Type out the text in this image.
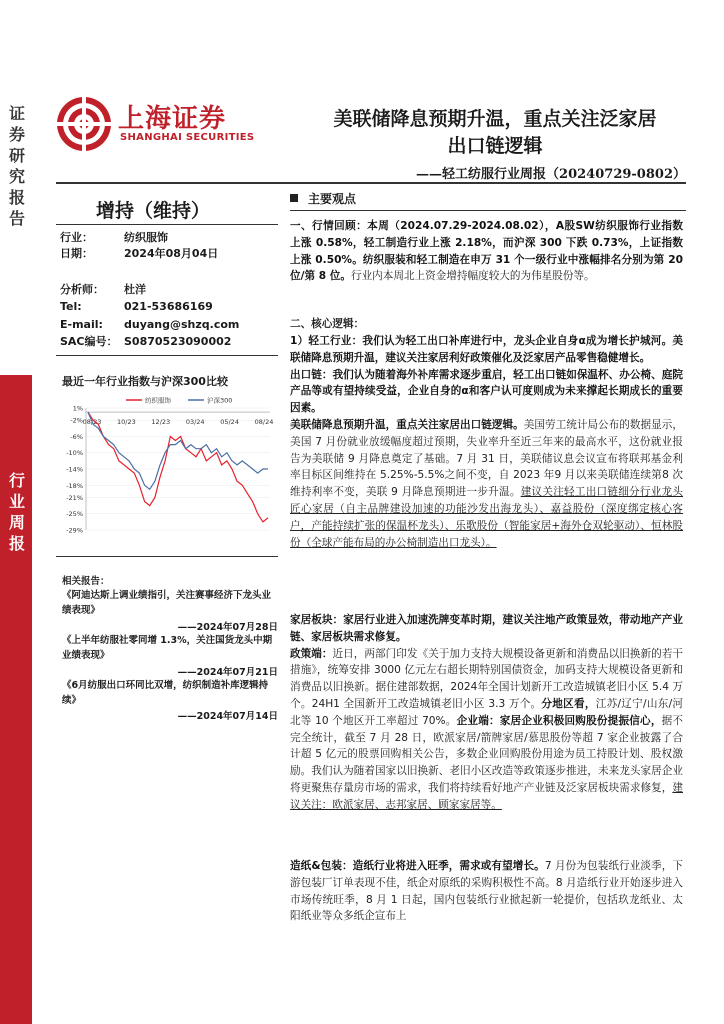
证券研究报告
行业周报
上海证券
SHANGHAI SECURITIES
美联储降息预期升温，重点关注泛家居
出口链逻辑
——轻工纺服行业周报（20240729-0802）
增持（维持）
行业：	纺织服饰
日期：	2024年08月04日
分析师： 杜洋
Tel:	021-53686169
E-mail: duyang@shzq.com
SAC编号： S0870523090002
最近一年行业指数与沪深300比较
1%
-2%
-6%
-10%
-14%
-18%
-21%
-25%
-29%
08/23 10/23 12/23 03/24 05/24 08/24
纺织服饰	沪深300
相关报告：
《阿迪达斯上调业绩指引，关注赛事经济下龙头业绩表现》
——2024年07月28日
《上半年纺服社零同增 1.3%，关注国货龙头中期业绩表现》
——2024年07月21日
《6月纺服出口环同比双增，纺织制造补库逻辑持续》
——2024年07月14日
主要观点
一、行情回顾：本周（2024.07.29-2024.08.02），A股SW纺织服饰行业指数上涨 0.58%，轻工制造行业上涨 2.18%，而沪深 300 下跌 0.73%，上证指数上涨 0.50%。纺织服装和轻工制造在申万 31 个一级行业中涨幅排名分别为第 20 位/第 8 位。行业内本周北上资金增持幅度较大的为伟星股份等。
二、核心逻辑：
1）轻工行业：我们认为轻工出口补库进行中，龙头企业自身α成为增长护城河。美联储降息预期升温，建议关注家居利好政策催化及泛家居产品零售稳健增长。
出口链：我们认为随着海外补库需求逐步重启，轻工出口链如保温杯、办公椅、庭院产品等或有望持续受益，企业自身的α和客户认可度则成为未来撑起长期成长的重要因素。
美联储降息预期升温，重点关注家居出口链逻辑。美国劳工统计局公布的数据显示，美国 7 月份就业放缓幅度超过预期，失业率升至近三年来的最高水平，这份就业报告为美联储 9 月降息奠定了基础。7 月 31 日，美联储议息会议宣布将联邦基金利率目标区间维持在 5.25%-5.5%之间不变，自 2023 年9 月以来美联储连续第8 次维持利率不变，美联 9 月降息预期进一步升温。建议关注轻工出口链细分行业龙头匠心家居（自主品牌建设加速的功能沙发出海龙头）、嘉益股份（深度绑定核心客户，产能持续扩张的保温杯龙头）、乐歌股份（智能家居+海外仓双轮驱动）、恒林股份（全球产能布局的办公椅制造出口龙头）。
家居板块：家居行业进入加速洗牌变革时期，建议关注地产政策显效，带动地产产业链、家居板块需求修复。
政策端：近日，两部门印发《关于加力支持大规模设备更新和消费品以旧换新的若干措施》，统筹安排 3000 亿元左右超长期特别国债资金，加码支持大规模设备更新和消费品以旧换新。据住建部数据，2024年全国计划新开工改造城镇老旧小区 5.4 万个。24H1 全国新开工改造城镇老旧小区 3.3 万个。分地区看，江苏/辽宁/山东/河北等 10 个地区开工率超过 70%。企业端：家居企业积极回购股份提振信心，据不完全统计，截至 7 月 28 日，欧派家居/箭牌家居/慕思股份等超 7 家企业披露了合计超 5 亿元的股票回购相关公告，多数企业回购股份用途为员工持股计划、股权激励。我们认为随着国家以旧换新、老旧小区改造等政策逐步推进，未来龙头家居企业将更聚焦存量房市场的需求，我们将持续看好地产产业链及泛家居板块需求修复，建议关注：欧派家居、志邦家居、顾家家居等。
造纸&包装：造纸行业将进入旺季，需求或有望增长。7 月份为包装纸行业淡季，下游包装厂订单表现不佳，纸企对原纸的采购积极性不高。8 月造纸行业开始逐步进入市场传统旺季，8 月 1 日起，国内包装纸行业掀起新一轮提价，包括玖龙纸业、太阳纸业等众多纸企宣布上
